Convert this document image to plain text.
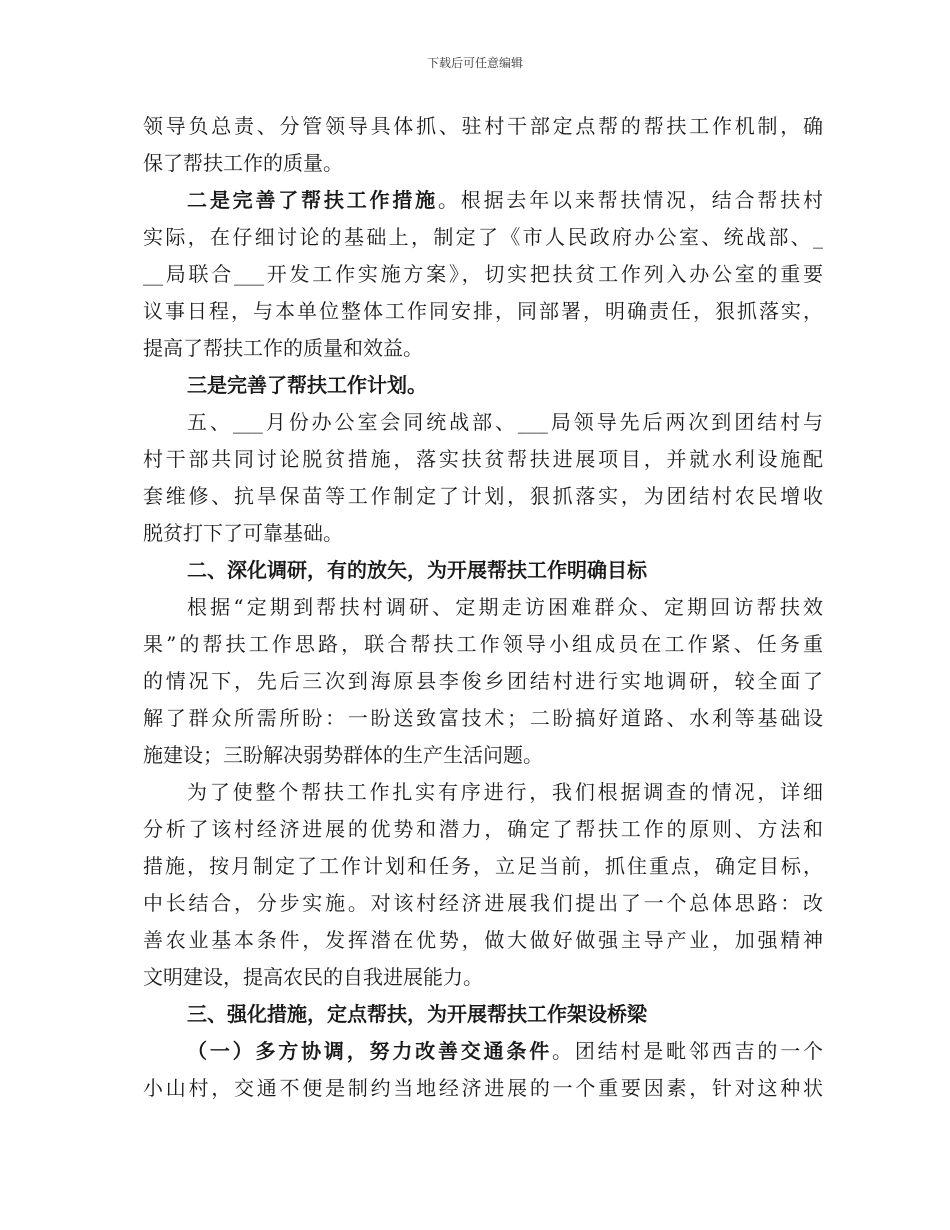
下载后可任意编辑
领导负总责、分管领导具体抓、驻村干部定点帮的帮扶工作机制，确
保了帮扶工作的质量。
二是完善了帮扶工作措施。根据去年以来帮扶情况，结合帮扶村
实际，在仔细讨论的基础上，制定了《市人民政府办公室、统战部、_
__局联合___开发工作实施方案》，切实把扶贫工作列入办公室的重要
议事日程，与本单位整体工作同安排，同部署，明确责任，狠抓落实，
提高了帮扶工作的质量和效益。
三是完善了帮扶工作计划。
五、___月份办公室会同统战部、___局领导先后两次到团结村与
村干部共同讨论脱贫措施，落实扶贫帮扶进展项目，并就水利设施配
套维修、抗旱保苗等工作制定了计划，狠抓落实，为团结村农民增收
脱贫打下了可靠基础。
二、深化调研，有的放矢，为开展帮扶工作明确目标
根据“定期到帮扶村调研、定期走访困难群众、定期回访帮扶效
果”的帮扶工作思路，联合帮扶工作领导小组成员在工作紧、任务重
的情况下，先后三次到海原县李俊乡团结村进行实地调研，较全面了
解了群众所需所盼：一盼送致富技术；二盼搞好道路、水利等基础设
施建设；三盼解决弱势群体的生产生活问题。
为了使整个帮扶工作扎实有序进行，我们根据调查的情况，详细
分析了该村经济进展的优势和潜力，确定了帮扶工作的原则、方法和
措施，按月制定了工作计划和任务，立足当前，抓住重点，确定目标，
中长结合，分步实施。对该村经济进展我们提出了一个总体思路：改
善农业基本条件，发挥潜在优势，做大做好做强主导产业，加强精神
文明建设，提高农民的自我进展能力。
三、强化措施，定点帮扶，为开展帮扶工作架设桥梁
（一）多方协调，努力改善交通条件。团结村是毗邻西吉的一个
小山村，交通不便是制约当地经济进展的一个重要因素，针对这种状
